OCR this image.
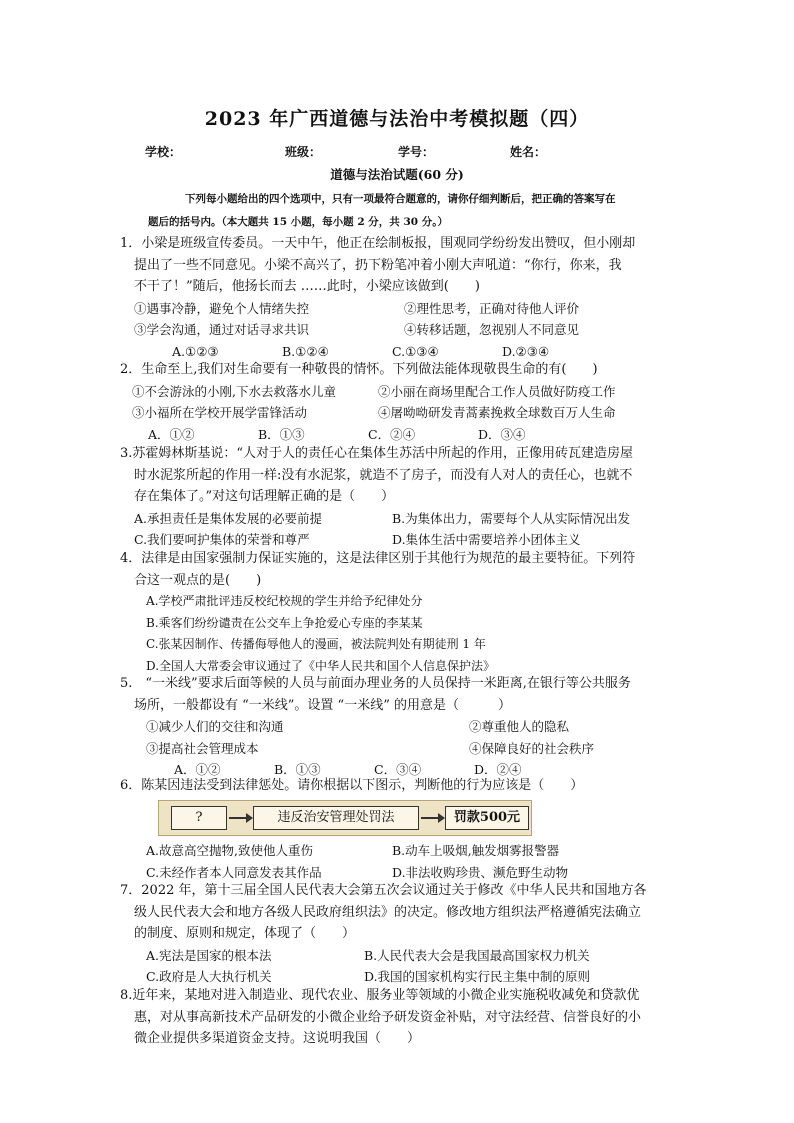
2023 年广西道德与法治中考模拟题（四）
学校：	班级：	学号：	姓名：
道德与法治试题(60 分)
下列每小题给出的四个选项中，只有一项最符合题意的，请你仔细判断后，把正确的答案写在
题后的括号内。（本大题共 15 小题，每小题 2 分，共 30 分。）

1．小梁是班级宣传委员。一天中午，他正在绘制板报，围观同学纷纷发出赞叹，但小刚却

提出了一些不同意见。小梁不高兴了，扔下粉笔冲着小刚大声吼道：“你行，你来，我

不干了！”随后，他扬长而去 ……此时，小梁应该做到(　　)

①遇事冷静，避免个人情绪失控	②理性思考，正确对待他人评价
③学会沟通，通过对话寻求共识	④转移话题，忽视别人不同意见
A.①②③	B.①②④	C.①③④	D.②③④

2．生命至上,我们对生命要有一种敬畏的情怀。下列做法能体现敬畏生命的有(　　)

①不会游泳的小刚,下水去救落水儿童	②小丽在商场里配合工作人员做好防疫工作
③小福所在学校开展学雷锋活动	④屠呦呦研发青蒿素挽救全球数百万人生命
A．①②	B．①③	C．②④	D．③④

3.苏霍姆林斯基说：“人对于人的责任心在集体生苏活中所起的作用，正像用砖瓦建造房屋

时水泥浆所起的作用一样:没有水泥浆，就造不了房子，而没有人对人的责任心，也就不

存在集体了。”对这句话理解正确的是（　　）

A.承担责任是集体发展的必要前提	B.为集体出力，需要每个人从实际情况出发
C.我们要呵护集体的荣誉和尊严	D.集体生活中需要培养小团体主义

4．法律是由国家强制力保证实施的，这是法律区别于其他行为规范的最主要特征。下列符

合这一观点的是(　　)

A.学校严肃批评违反校纪校规的学生并给予纪律处分

B.乘客们纷纷谴责在公交车上争抢爱心专座的李某某

C.张某因制作、传播侮辱他人的漫画，被法院判处有期徒刑 1 年

D.全国人大常委会审议通过了《中华人民共和国个人信息保护法》

5.　“一米线”要求后面等候的人员与前面办理业务的人员保持一米距离,在银行等公共服务

场所，一般都设有 “一米线”。设置 “一米线” 的用意是（　　　）

①减少人们的交往和沟通	②尊重他人的隐私
③提高社会管理成本	④保障良好的社会秩序
A．①②	B．①③	C．③④	D．②④

6．陈某因违法受到法律惩处。请你根据以下图示，判断他的行为应该是（　　）

?	违反治安管理处罚法	罚款500元
A.故意高空抛物,致使他人重伤	B.动车上吸烟,触发烟雾报警器
C.未经作者本人同意发表其作品	D.非法收购珍贵、濒危野生动物

7．2022 年，第十三届全国人民代表大会第五次会议通过关于修改《中华人民共和国地方各

级人民代表大会和地方各级人民政府组织法》的决定。修改地方组织法严格遵循宪法确立

的制度、原则和规定，体现了（　　）

A.宪法是国家的根本法	B.人民代表大会是我国最高国家权力机关
C.政府是人大执行机关	D.我国的国家机构实行民主集中制的原则

8.近年来，某地对进入制造业、现代农业、服务业等领域的小微企业实施税收减免和贷款优

惠，对从事高新技术产品研发的小微企业给予研发资金补贴，对守法经营、信誉良好的小

微企业提供多渠道资金支持。这说明我国（　　）
